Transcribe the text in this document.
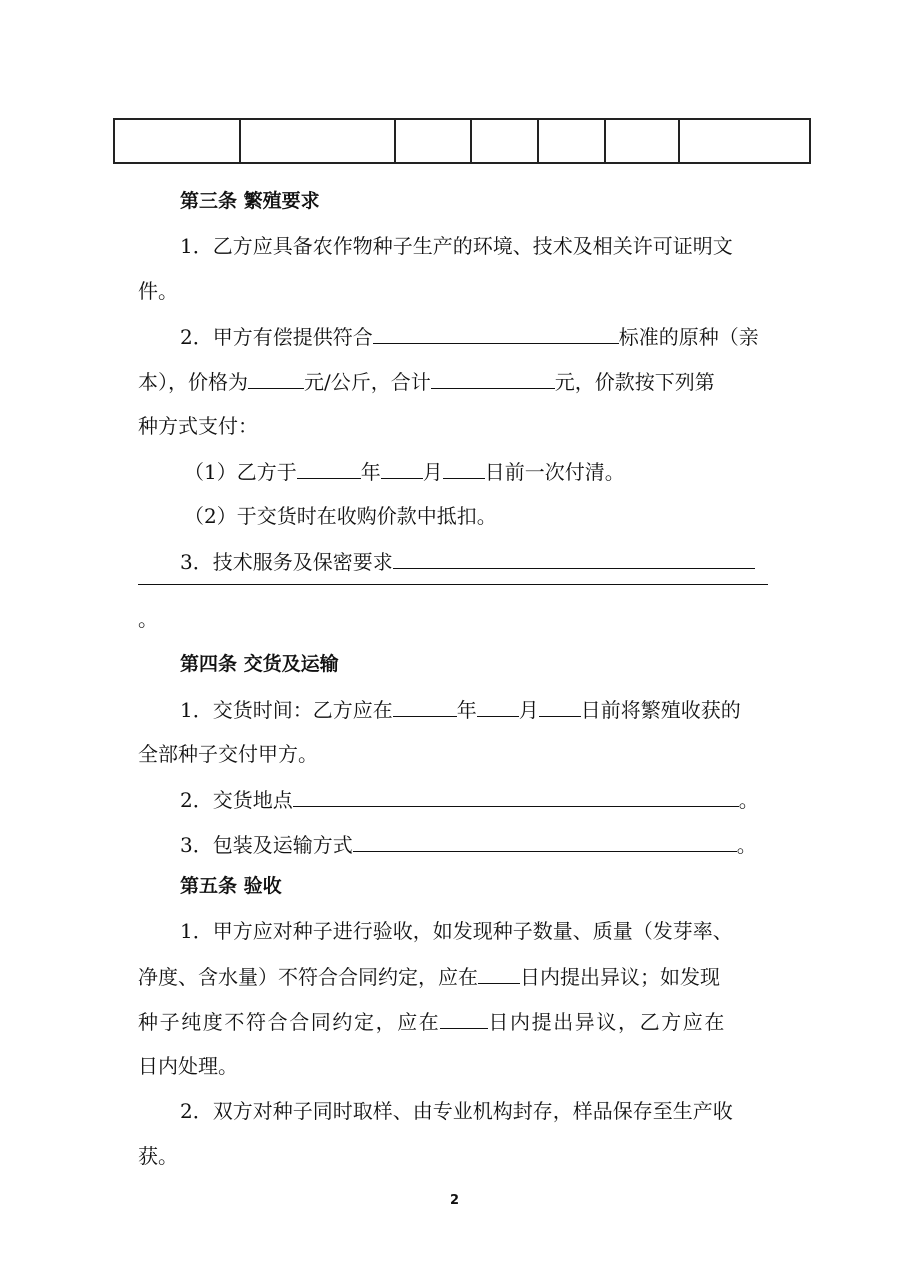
第三条 繁殖要求
1．乙方应具备农作物种子生产的环境、技术及相关许可证明文
件。
2．甲方有偿提供符合	标准的原种（亲
本），价格为	元/公斤，合计	元，价款按下列第
种方式支付：
（1）乙方于	年 月 日前一次付清。
（2）于交货时在收购价款中抵扣。
3．技术服务及保密要求
。
第四条 交货及运输
1．交货时间：乙方应在	年 月 日前将繁殖收获的
全部种子交付甲方。
2．交货地点	。
3．包装及运输方式	。
第五条 验收
1．甲方应对种子进行验收，如发现种子数量、质量（发芽率、
净度、含水量）不符合合同约定，应在 日内提出异议；如发现
种子纯度不符合合同约定，应在 日内提出异议，乙方应在
日内处理。
2．双方对种子同时取样、由专业机构封存，样品保存至生产收
获。
2
